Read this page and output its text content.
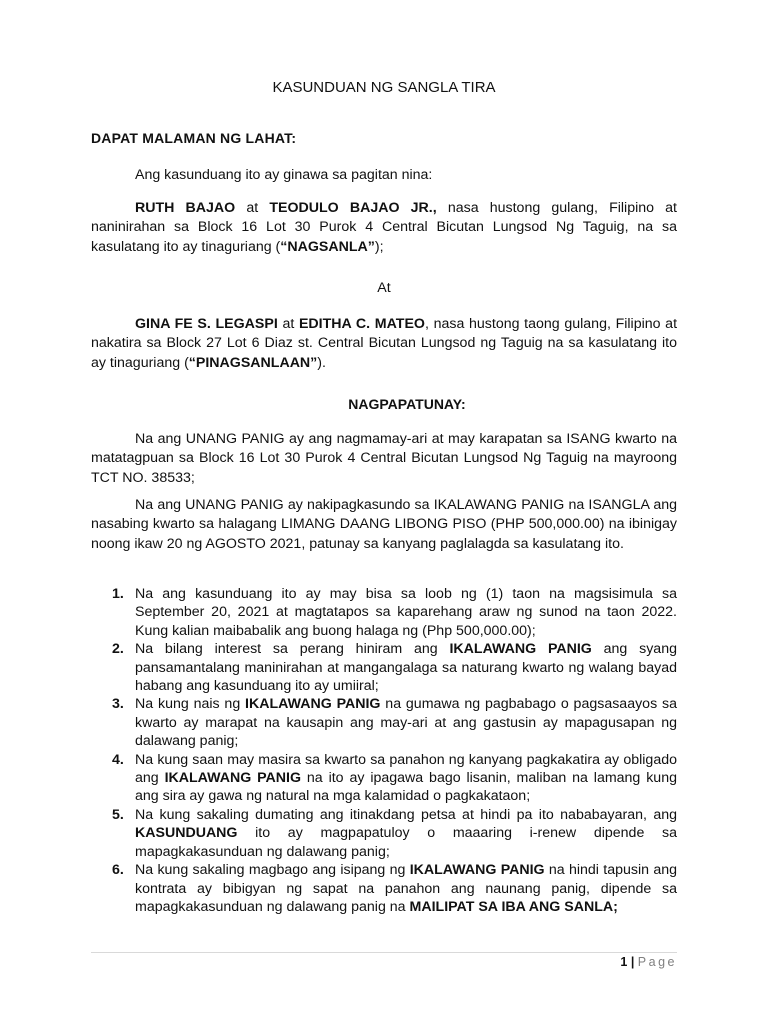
KASUNDUAN NG SANGLA TIRA
DAPAT MALAMAN NG LAHAT:
Ang kasunduang ito ay ginawa sa pagitan nina:
RUTH BAJAO at TEODULO BAJAO JR., nasa hustong gulang, Filipino at naninirahan sa Block 16 Lot 30 Purok 4 Central Bicutan Lungsod Ng Taguig, na sa kasulatang ito ay tinaguriang (“NAGSANLA”);
At
GINA FE S. LEGASPI at EDITHA C. MATEO, nasa hustong taong gulang, Filipino at nakatira sa Block 27 Lot 6 Diaz st. Central Bicutan Lungsod ng Taguig na sa kasulatang ito ay tinaguriang (“PINAGSANLAAN”).
NAGPAPATUNAY:
Na ang UNANG PANIG ay ang nagmamay-ari at may karapatan sa ISANG kwarto na matatagpuan sa Block 16 Lot 30 Purok 4 Central Bicutan Lungsod Ng Taguig na mayroong TCT NO. 38533;
Na ang UNANG PANIG ay nakipagkasundo sa IKALAWANG PANIG na ISANGLA ang nasabing kwarto sa halagang LIMANG DAANG LIBONG PISO (PHP 500,000.00) na ibinigay noong ikaw 20 ng AGOSTO 2021, patunay sa kanyang paglalagda sa kasulatang ito.
1. Na ang kasunduang ito ay may bisa sa loob ng (1) taon na magsisimula sa September 20, 2021 at magtatapos sa kaparehang araw ng sunod na taon 2022. Kung kalian maibabalik ang buong halaga ng (Php 500,000.00);
2. Na bilang interest sa perang hiniram ang IKALAWANG PANIG ang syang pansamantalang maninirahan at mangangalaga sa naturang kwarto ng walang bayad habang ang kasunduang ito ay umiiral;
3. Na kung nais ng IKALAWANG PANIG na gumawa ng pagbabago o pagsasaayos sa kwarto ay marapat na kausapin ang may-ari at ang gastusin ay mapagusapan ng dalawang panig;
4. Na kung saan may masira sa kwarto sa panahon ng kanyang pagkakatira ay obligado ang IKALAWANG PANIG na ito ay ipagawa bago lisanin, maliban na lamang kung ang sira ay gawa ng natural na mga kalamidad o pagkakataon;
5. Na kung sakaling dumating ang itinakdang petsa at hindi pa ito nababayaran, ang KASUNDUANG ito ay magpapatuloy o maaaring i-renew dipende sa mapagkakasunduan ng dalawang panig;
6. Na kung sakaling magbago ang isipang ng IKALAWANG PANIG na hindi tapusin ang kontrata ay bibigyan ng sapat na panahon ang naunang panig, dipende sa mapagkakasunduan ng dalawang panig na MAILIPAT SA IBA ANG SANLA;
1 | Page
